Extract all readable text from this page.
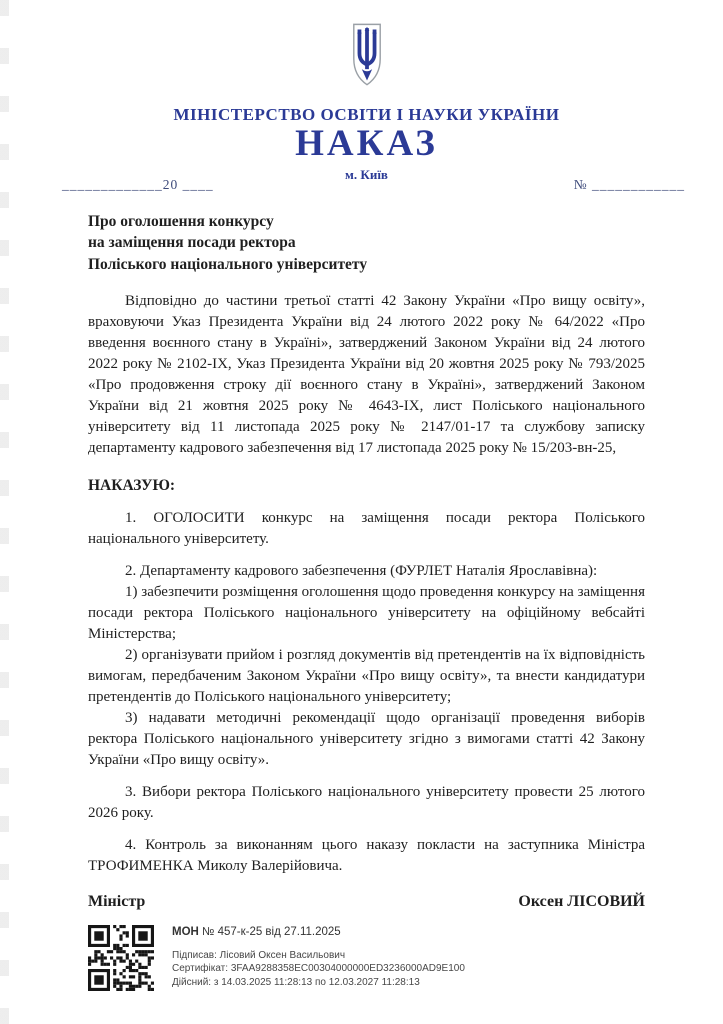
МІНІСТЕРСТВО ОСВІТИ І НАУКИ УКРАЇНИ
НАКАЗ
м. Київ
_____________20 ____	№ ____________
Про оголошення конкурсу
на заміщення посади ректора
Поліського національного університету

Відповідно до частини третьої статті 42 Закону України «Про вищу освіту», враховуючи Указ Президента України від 24 лютого 2022 року № 64/2022 «Про введення воєнного стану в Україні», затверджений Законом України від 24 лютого 2022 року № 2102-IX, Указ Президента України від 20 жовтня 2025 року № 793/2025 «Про продовження строку дії воєнного стану в Україні», затверджений Законом України від 21 жовтня 2025 року № 4643-IX, лист Поліського національного університету від 11 листопада 2025 року № 2147/01-17 та службову записку департаменту кадрового забезпечення від 17 листопада 2025 року № 15/203-вн-25,

НАКАЗУЮ:

1. ОГОЛОСИТИ конкурс на заміщення посади ректора Поліського національного університету.

2. Департаменту кадрового забезпечення (ФУРЛЕТ Наталія Ярославівна):

1) забезпечити розміщення оголошення щодо проведення конкурсу на заміщення посади ректора Поліського національного університету на офіційному вебсайті Міністерства;

2) організувати прийом і розгляд документів від претендентів на їх відповідність вимогам, передбаченим Законом України «Про вищу освіту», та внести кандидатури претендентів до Поліського національного університету;

3) надавати методичні рекомендації щодо організації проведення виборів ректора Поліського національного університету згідно з вимогами статті 42 Закону України «Про вищу освіту».

3. Вибори ректора Поліського національного університету провести 25 лютого 2026 року.

4. Контроль за виконанням цього наказу покласти на заступника Міністра ТРОФИМЕНКА Миколу Валерійовича.

Міністр	Оксен ЛІСОВИЙ
МОН № 457-к-25 від 27.11.2025
Підписав: Лісовий Оксен Васильович
Сертифікат: 3FAA9288358EC00304000000ED3236000AD9E100
Дійсний: з 14.03.2025 11:28:13 по 12.03.2027 11:28:13
